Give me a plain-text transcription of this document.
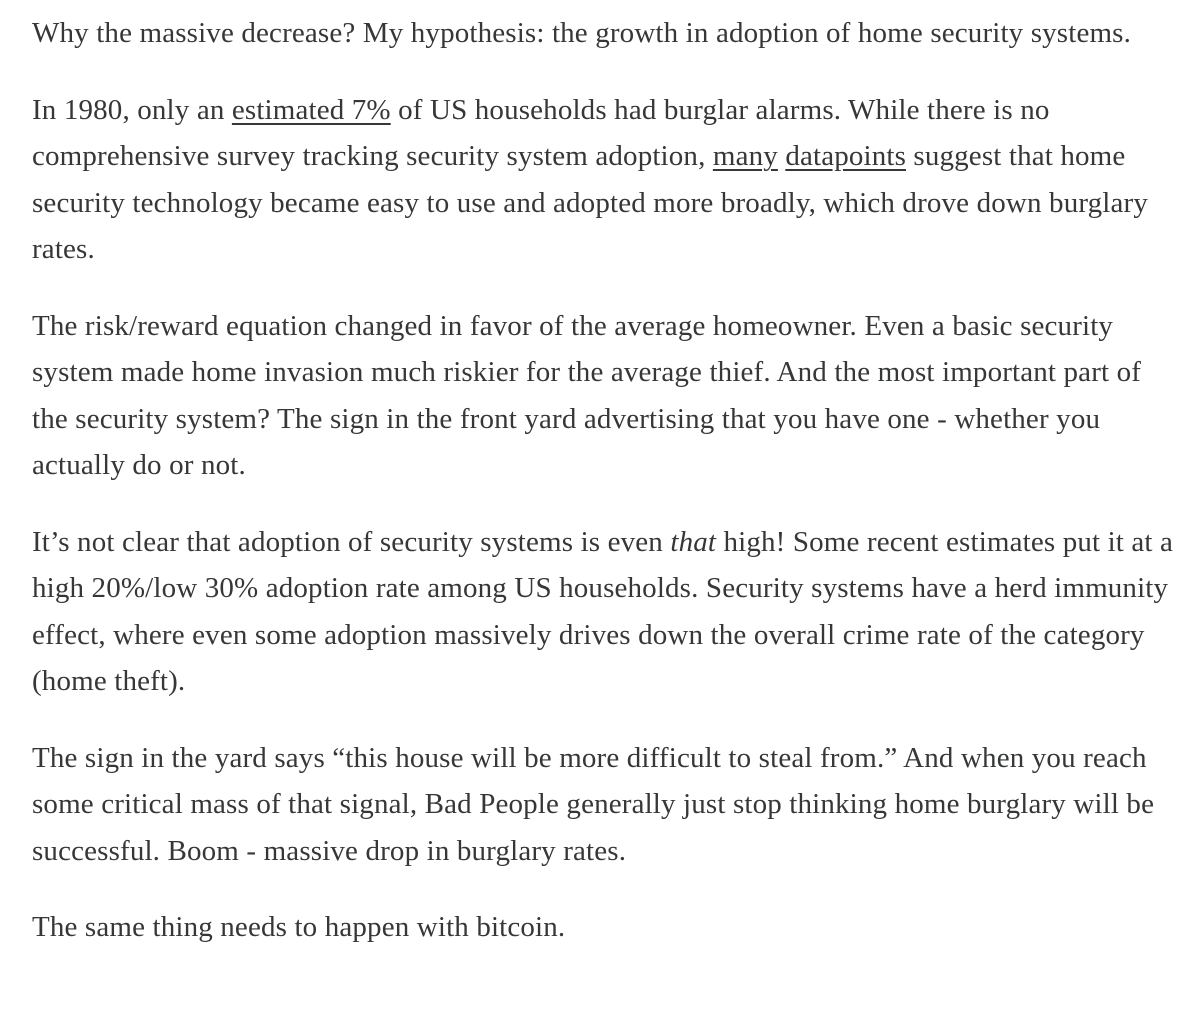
Why the massive decrease? My hypothesis: the growth in adoption of home security systems.

In 1980, only an estimated 7% of US households had burglar alarms. While there is no comprehensive survey tracking security system adoption, many datapoints suggest that home security technology became easy to use and adopted more broadly, which drove down burglary rates.

The risk/reward equation changed in favor of the average homeowner. Even a basic security system made home invasion much riskier for the average thief. And the most important part of the security system? The sign in the front yard advertising that you have one - whether you actually do or not.

It’s not clear that adoption of security systems is even that high! Some recent estimates put it at a high 20%/low 30% adoption rate among US households. Security systems have a herd immunity effect, where even some adoption massively drives down the overall crime rate of the category (home theft).

The sign in the yard says “this house will be more difficult to steal from.” And when you reach some critical mass of that signal, Bad People generally just stop thinking home burglary will be successful. Boom - massive drop in burglary rates.

The same thing needs to happen with bitcoin.
